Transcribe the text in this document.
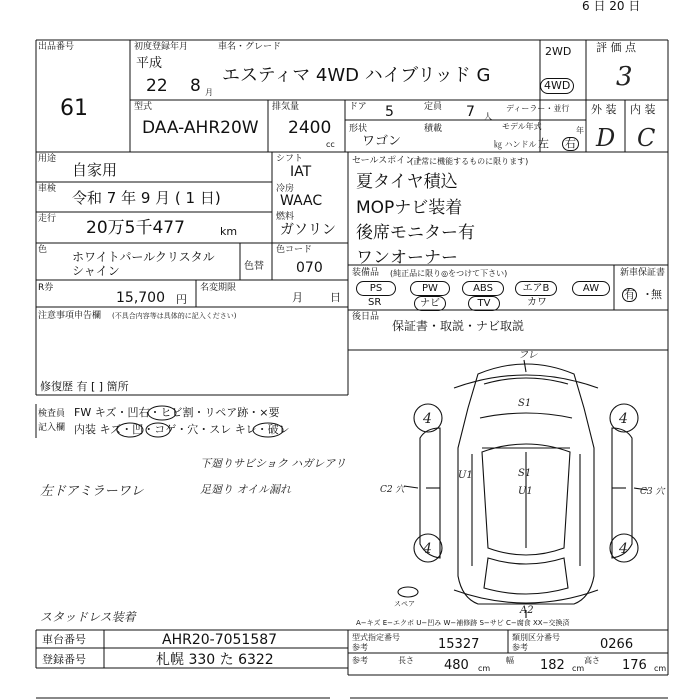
6 日 20 日
出品番号
61
初度登録年月	車名・グレード
平成
22 8 月
エスティマ 4WD ハイブリッド G
2WD
4WD
評 価 点
3
型式
DAA-AHR20W
排気量
2400
cc
ドア 5	定員 7 人
ディーラー・並行
形状
ワゴン
積載	モデル年式	年
㎏ ハンドル 左 右
外 装 内 装
D C
用途
自家用
車検 令和 7 年 9 月 ( 1 日)
走行 20万5千477	km
色 ホワイトパールクリスタル
シャイン	色替
色コード
070
シフト
IAT
冷房
WAAC
燃料
ガソリン
R券
15,700 円
名変期限
月 日
注意事項申告欄 (不具合内容等は具体的に記入ください)
修復歴 有 [ ] 箇所
セールスポイント
(正常に機能するものに限ります)
夏タイヤ積込
MOPナビ装着
後席モニター有
ワンオーナー
装備品 (純正品に限り◎をつけて下さい)
PS	PW	ABS	エアB	AW
SR	ナビ	TV	カワ
新車保証書
有 ・
無
後日品
保証書・取説・ナビ取説
検査員
記入欄
FW キズ・凹右・ヒビ割・リペア跡・×要
内装 キズ・凹・コゲ・穴・スレ キレ・破レ
左ドアミラーワレ
下廻りサビショク ハガレアリ
足廻り オイル漏れ
スタッドレス装着
フレ
S1
U1	S1
U1
C2 穴	C3 穴
A2
スペア
4	4
4	4
A−キズ E−エクボ U−凹み W−補修跡 S−サビ C−腐食 XX−交換済
車台番号	AHR20-7051587
登録番号	札幌 330 た 6322
型式指定番号
参考	15327	類別区分番号
参考	0266
参考	長さ 480 cm
幅 182 cm
高さ 176 cm
